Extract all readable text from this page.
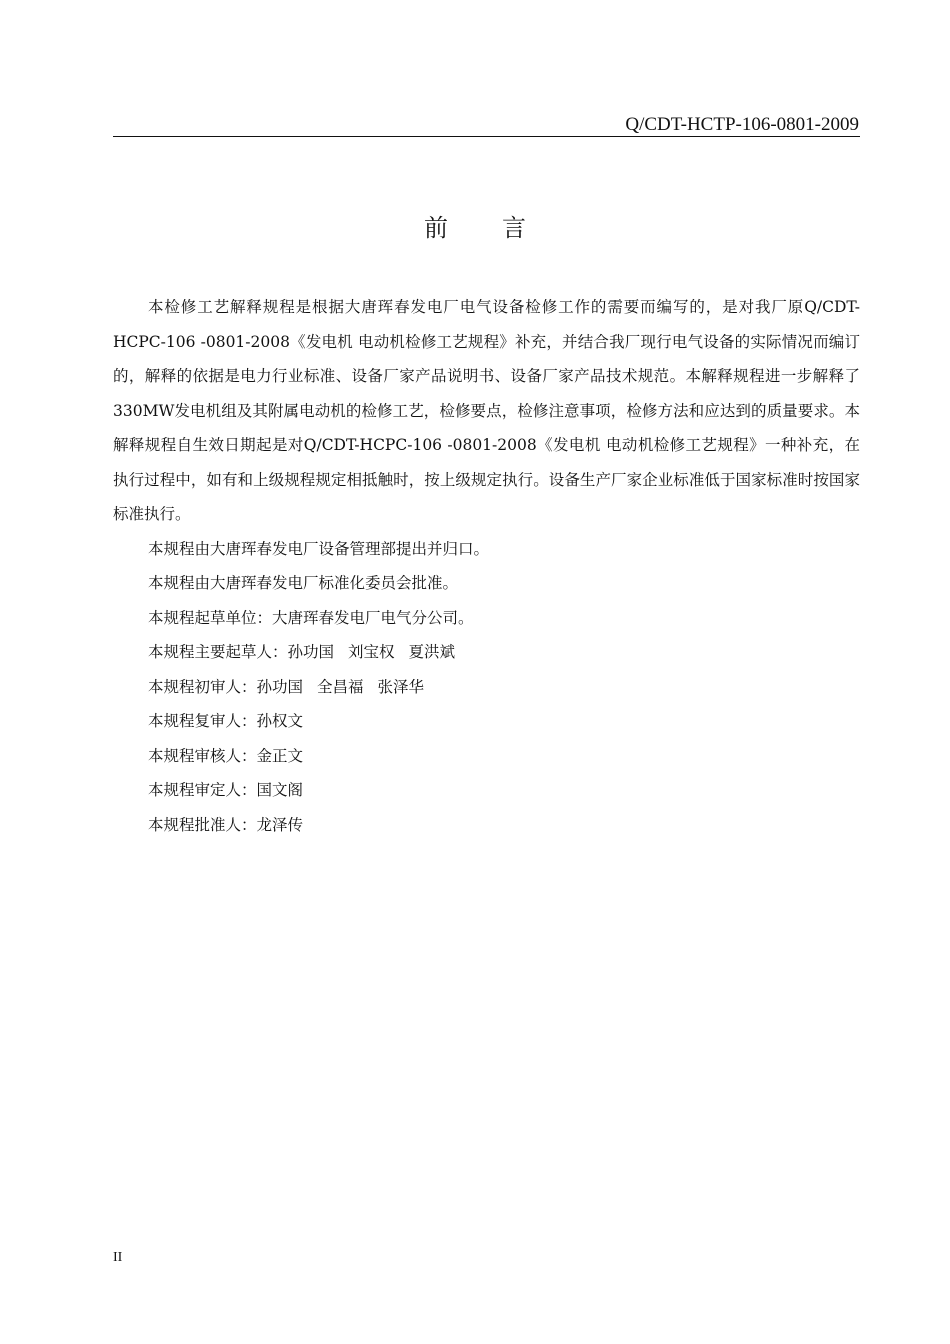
Q/CDT-HCTP-106-0801-2009
前言

本检修工艺解释规程是根据大唐珲春发电厂电气设备检修工作的需要而编写的，是对我厂原Q/CDT-HCPC-106 -0801-2008《发电机 电动机检修工艺规程》补充，并结合我厂现行电气设备的实际情况而编订的，解释的依据是电力行业标准、设备厂家产品说明书、设备厂家产品技术规范。本解释规程进一步解释了330MW发电机组及其附属电动机的检修工艺，检修要点，检修注意事项，检修方法和应达到的质量要求。本解释规程自生效日期起是对Q/CDT-HCPC-106 -0801-2008《发电机 电动机检修工艺规程》一种补充，在执行过程中，如有和上级规程规定相抵触时，按上级规定执行。设备生产厂家企业标准低于国家标准时按国家标准执行。

本规程由大唐珲春发电厂设备管理部提出并归口。

本规程由大唐珲春发电厂标准化委员会批准。

本规程起草单位：大唐珲春发电厂电气分公司。

本规程主要起草人：孙功国 刘宝权 夏洪斌

本规程初审人：孙功国 全昌福 张泽华

本规程复审人：孙权文

本规程审核人：金正文

本规程审定人：国文阁

本规程批准人：龙泽传

II
